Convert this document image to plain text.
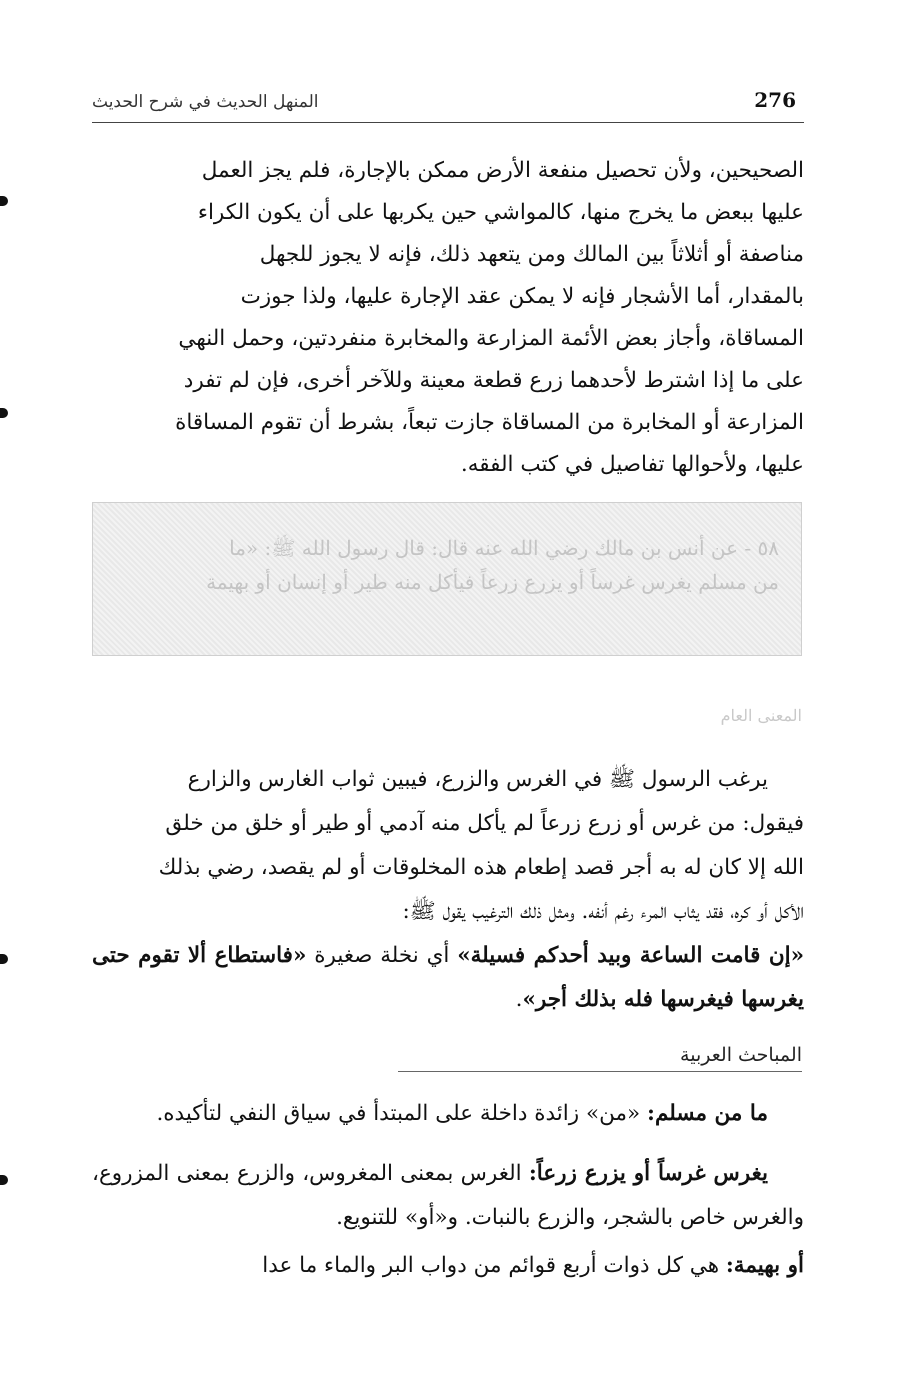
276
المنهل الحديث في شرح الحديث

الصحيحين، ولأن تحصيل منفعة الأرض ممكن بالإجارة، فلم يجز العمل

عليها ببعض ما يخرج منها، كالمواشي حين يكربها على أن يكون الكراء

مناصفة أو أثلاثاً بين المالك ومن يتعهد ذلك، فإنه لا يجوز للجهل

بالمقدار، أما الأشجار فإنه لا يمكن عقد الإجارة عليها، ولذا جوزت

المساقاة، وأجاز بعض الأئمة المزارعة والمخابرة منفردتين، وحمل النهي

على ما إذا اشترط لأحدهما زرع قطعة معينة وللآخر أخرى، فإن لم تفرد

المزارعة أو المخابرة من المساقاة جازت تبعاً، بشرط أن تقوم المساقاة

عليها، ولأحوالها تفاصيل في كتب الفقه.

٥٨ - عن أنس بن مالك رضي الله عنه قال: قال رسول الله ﷺ: «ما
من مسلم يغرس غرساً أو يزرع زرعاً فيأكل منه طير أو إنسان أو بهيمة
المعنى العام

يرغب الرسول ﷺ في الغرس والزرع، فيبين ثواب الغارس والزارع

فيقول: من غرس أو زرع زرعاً لم يأكل منه آدمي أو طير أو خلق من خلق

الله إلا كان له به أجر قصد إطعام هذه المخلوقات أو لم يقصد، رضي بذلك

الأكل أو كره، فقد يثاب المرء رغم أنفه. ومثل ذلك الترغيب يقول ﷺ:

«إن قامت الساعة وبيد أحدكم فسيلة» أي نخلة صغيرة «فاستطاع ألا تقوم حتى يغرسها فيغرسها فله بذلك أجر».

المباحث العربية
ما من مسلم: «من» زائدة داخلة على المبتدأ في سياق النفي لتأكيده.
يغرس غرساً أو يزرع زرعاً: الغرس بمعنى المغروس، والزرع بمعنى المزروع، والغرس خاص بالشجر، والزرع بالنبات. و«أو» للتنويع.
أو بهيمة: هي كل ذوات أربع قوائم من دواب البر والماء ما عدا
